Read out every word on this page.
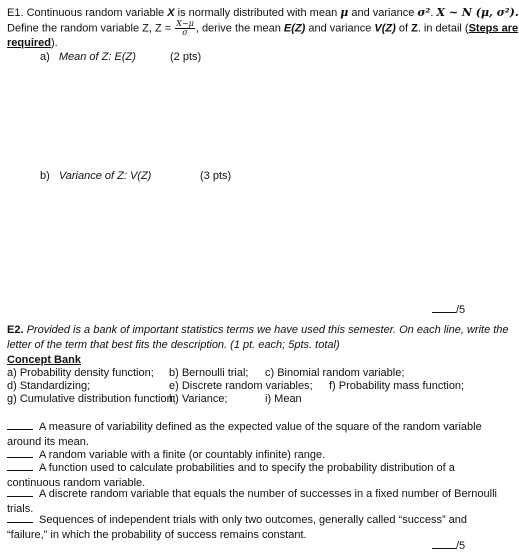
E1. Continuous random variable X is normally distributed with mean μ and variance σ². X ~ N (μ, σ²).
Define the random variable Z, $Z = \frac{X-\mu}{\sigma}$ , derive the mean E(Z) and variance V(Z) of Z. in detail (Steps are
required).
a) Mean of Z: E(Z)	(2 pts)
b) Variance of Z: V(Z)	(3 pts)
/5
E2. Provided is a bank of important statistics terms we have used this semester. On each line, write the
letter of the term that best fits the description. (1 pt. each; 5pts. total)
Concept Bank
a) Probability density function; b) Bernoulli trial; c) Binomial random variable;
d) Standardizing;	e) Discrete random variables; f) Probability mass function;
g) Cumulative distribution function;
h) Variance;	i) Mean
A measure of variability defined as the expected value of the square of the random variable
around its mean.
A random variable with a finite (or countably infinite) range.
A function used to calculate probabilities and to specify the probability distribution of a
continuous random variable.
A discrete random variable that equals the number of successes in a fixed number of Bernoulli
trials.
Sequences of independent trials with only two outcomes, generally called “success” and
“failure,” in which the probability of success remains constant.
/5
